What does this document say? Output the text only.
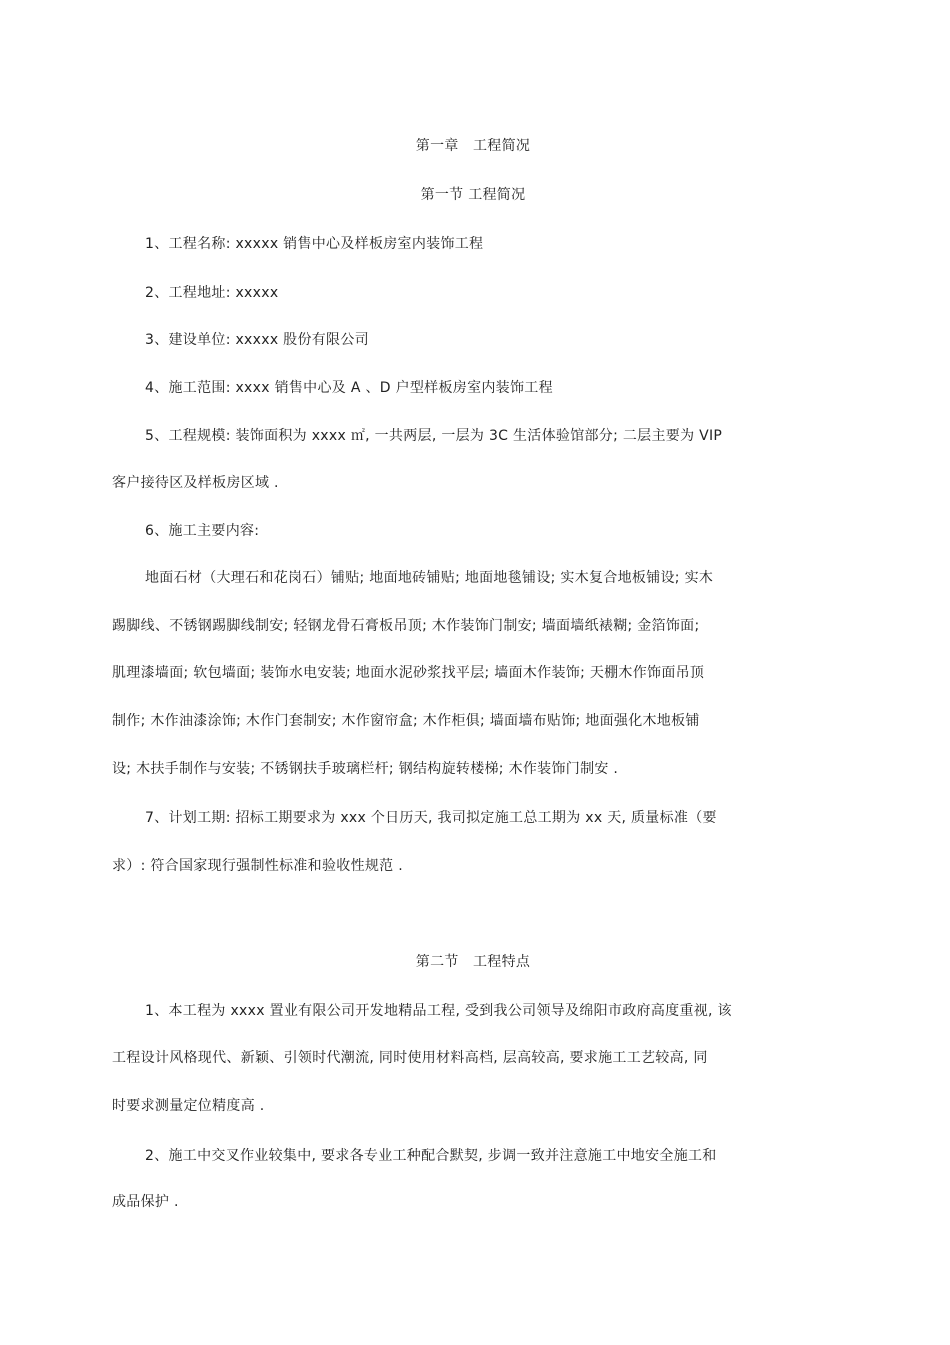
第一章　工程简况
第一节 工程简况
1、工程名称: xxxxx 销售中心及样板房室内装饰工程
2、工程地址: xxxxx
3、建设单位: xxxxx 股份有限公司
4、施工范围: xxxx 销售中心及 A 、D 户型样板房室内装饰工程
5、工程规模: 装饰面积为 xxxx ㎡, 一共两层, 一层为 3C 生活体验馆部分; 二层主要为 VIP
客户接待区及样板房区域 .
6、施工主要内容:
地面石材（大理石和花岗石）铺贴; 地面地砖铺贴; 地面地毯铺设; 实木复合地板铺设; 实木
踢脚线、不锈钢踢脚线制安; 轻钢龙骨石膏板吊顶; 木作装饰门制安; 墙面墙纸裱糊; 金箔饰面;
肌理漆墙面; 软包墙面; 装饰水电安装; 地面水泥砂浆找平层; 墙面木作装饰; 天棚木作饰面吊顶
制作; 木作油漆涂饰; 木作门套制安; 木作窗帘盒; 木作柜俱; 墙面墙布贴饰; 地面强化木地板铺
设; 木扶手制作与安装; 不锈钢扶手玻璃栏杆; 钢结构旋转楼梯; 木作装饰门制安 .
7、计划工期: 招标工期要求为 xxx 个日历天, 我司拟定施工总工期为 xx 天, 质量标准（要
求）: 符合国家现行强制性标准和验收性规范 .
第二节　工程特点
1、本工程为 xxxx 置业有限公司开发地精品工程, 受到我公司领导及绵阳市政府高度重视, 该
工程设计风格现代、新颖、引领时代潮流, 同时使用材料高档, 层高较高, 要求施工工艺较高, 同
时要求测量定位精度高 .
2、施工中交叉作业较集中, 要求各专业工种配合默契, 步调一致并注意施工中地安全施工和
成品保护 .
